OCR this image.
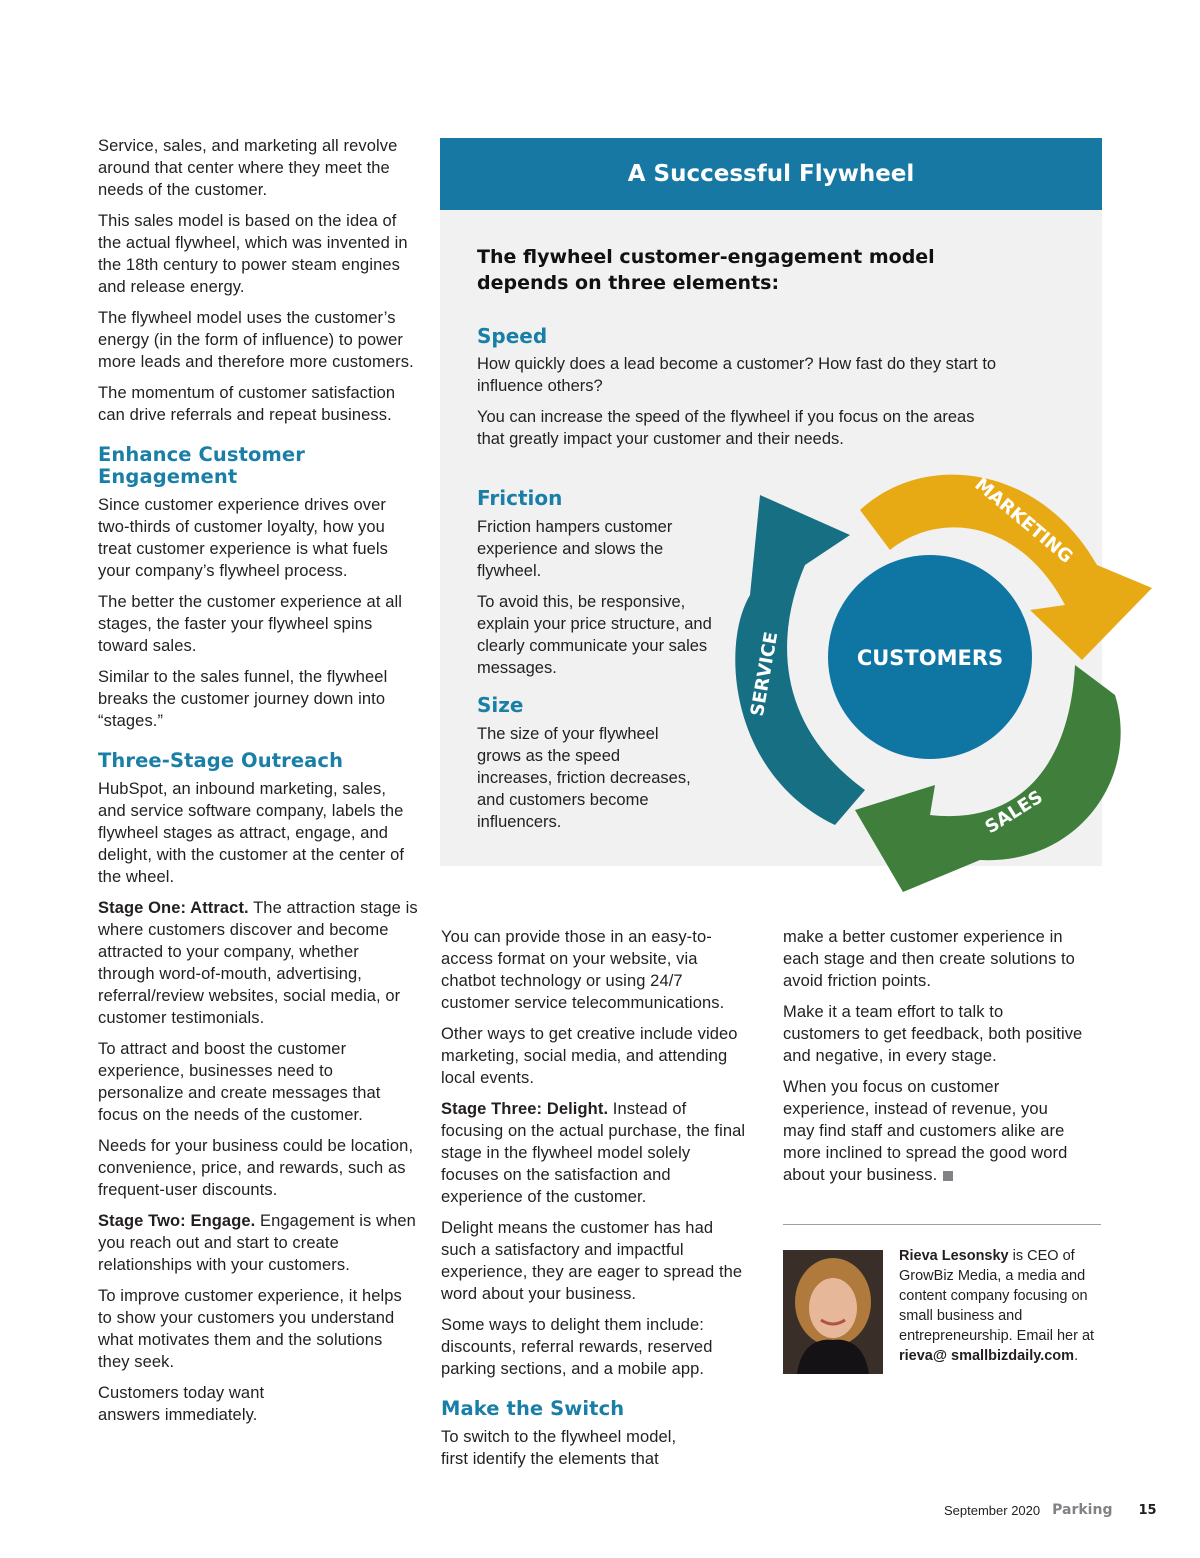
Service, sales, and marketing all revolve around that center where they meet the needs of the customer.

This sales model is based on the idea of the actual flywheel, which was invented in the 18th century to power steam engines and release energy.

The flywheel model uses the customer’s energy (in the form of influence) to power more leads and therefore more customers.

The momentum of customer satisfaction can drive referrals and repeat business.

Enhance Customer Engagement

Since customer experience drives over two-thirds of customer loyalty, how you treat customer experience is what fuels your company’s flywheel process.

The better the customer experience at all stages, the faster your flywheel spins toward sales.

Similar to the sales funnel, the flywheel breaks the customer journey down into “stages.”

Three-Stage Outreach

HubSpot, an inbound marketing, sales, and service software company, labels the flywheel stages as attract, engage, and delight, with the customer at the center of the wheel.

Stage One: Attract. The attraction stage is where customers discover and become attracted to your company, whether through word-of-mouth, advertising, referral/review websites, social media, or customer testimonials.

To attract and boost the customer experience, businesses need to personalize and create messages that focus on the needs of the customer.

Needs for your business could be location, convenience, price, and rewards, such as frequent-user discounts.

Stage Two: Engage. Engagement is when you reach out and start to create relationships with your customers.

To improve customer experience, it helps to show your customers you understand what motivates them and the solutions they seek.

Customers today want answers immediately.

A Successful Flywheel
The flywheel customer-engagement model depends on three elements:
Speed
How quickly does a lead become a customer? How fast do they start to influence others?
You can increase the speed of the flywheel if you focus on the areas that greatly impact your customer and their needs.
Friction
Friction hampers customer experience and slows the flywheel.
To avoid this, be responsive, explain your price structure, and clearly communicate your sales messages.
Size
The size of your flywheel grows as the speed increases, friction decreases, and customers become influencers.
CUSTOMERS
MARKETING
SALES
SERVICE

You can provide those in an easy-to-access format on your website, via chatbot technology or using 24/7 customer service telecommunications.

Other ways to get creative include video marketing, social media, and attending local events.

Stage Three: Delight. Instead of focusing on the actual purchase, the final stage in the flywheel model solely focuses on the satisfaction and experience of the customer.

Delight means the customer has had such a satisfactory and impactful experience, they are eager to spread the word about your business.

Some ways to delight them include: discounts, referral rewards, reserved parking sections, and a mobile app.

Make the Switch

To switch to the flywheel model, first identify the elements that

make a better customer experience in each stage and then create solutions to avoid friction points.

Make it a team effort to talk to customers to get feedback, both positive and negative, in every stage.

When you focus on customer experience, instead of revenue, you may find staff and customers alike are more inclined to spread the good word about your business.

Rieva Lesonsky is CEO of GrowBiz Media, a media and content company focusing on small business and entrepreneurship. Email her at rieva@ smallbizdaily.com.
September 2020 Parking 15
